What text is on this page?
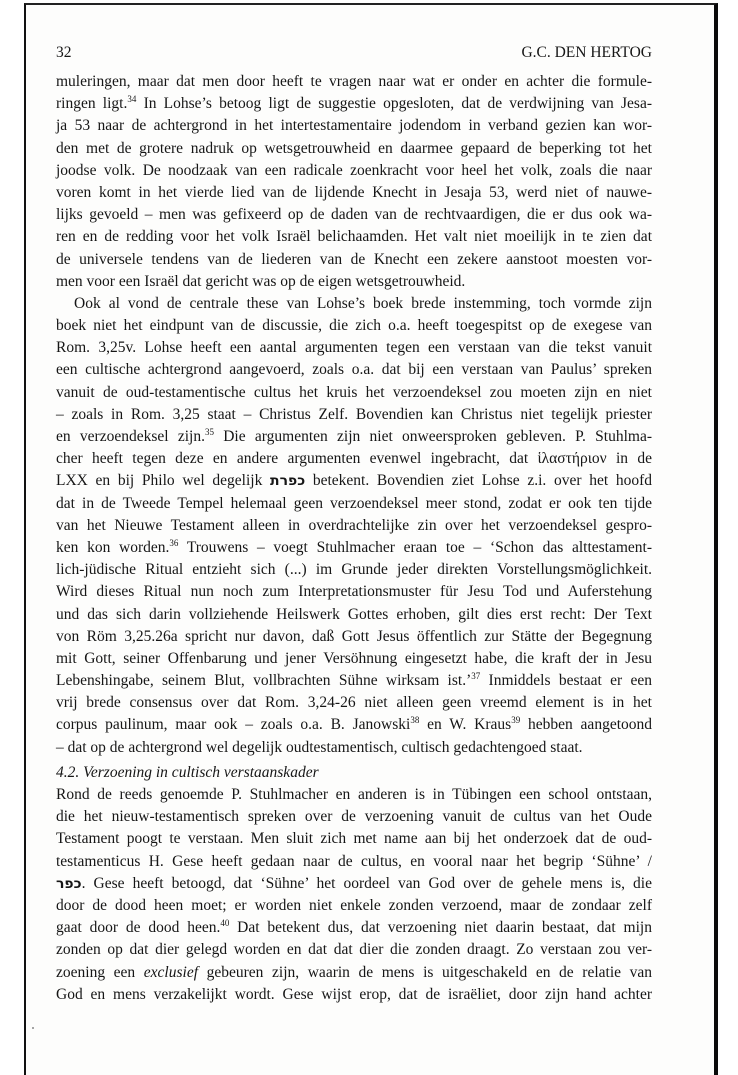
32	G.C. DEN HERTOG
muleringen, maar dat men door heeft te vragen naar wat er onder en achter die formule-
ringen ligt.$^{34}$ In Lohse’s betoog ligt de suggestie opgesloten, dat de verdwijning van Jesa-
ja 53 naar de achtergrond in het intertestamentaire jodendom in verband gezien kan wor-
den met de grotere nadruk op wetsgetrouwheid en daarmee gepaard de beperking tot het
joodse volk. De noodzaak van een radicale zoenkracht voor heel het volk, zoals die naar
voren komt in het vierde lied van de lijdende Knecht in Jesaja 53, werd niet of nauwe-
lijks gevoeld – men was gefixeerd op de daden van de rechtvaardigen, die er dus ook wa-
ren en de redding voor het volk Israël belichaamden. Het valt niet moeilijk in te zien dat
de universele tendens van de liederen van de Knecht een zekere aanstoot moesten vor-
men voor een Israël dat gericht was op de eigen wetsgetrouwheid.
Ook al vond de centrale these van Lohse’s boek brede instemming, toch vormde zijn
boek niet het eindpunt van de discussie, die zich o.a. heeft toegespitst op de exegese van
Rom. 3,25v. Lohse heeft een aantal argumenten tegen een verstaan van die tekst vanuit
een cultische achtergrond aangevoerd, zoals o.a. dat bij een verstaan van Paulus’ spreken
vanuit de oud-testamentische cultus het kruis het verzoendeksel zou moeten zijn en niet
– zoals in Rom. 3,25 staat – Christus Zelf. Bovendien kan Christus niet tegelijk priester
en verzoendeksel zijn.$^{35}$ Die argumenten zijn niet onweersproken gebleven. P. Stuhlma-
cher heeft tegen deze en andere argumenten evenwel ingebracht, dat ἱλαστήριον in de
LXX en bij Philo wel degelijk כפרת betekent. Bovendien ziet Lohse z.i. over het hoofd
dat in de Tweede Tempel helemaal geen verzoendeksel meer stond, zodat er ook ten tijde
van het Nieuwe Testament alleen in overdrachtelijke zin over het verzoendeksel gespro-
ken kon worden.$^{36}$ Trouwens – voegt Stuhlmacher eraan toe – ‘Schon das alttestament-
lich-jüdische Ritual entzieht sich (...) im Grunde jeder direkten Vorstellungsmöglichkeit.
Wird dieses Ritual nun noch zum Interpretationsmuster für Jesu Tod und Auferstehung
und das sich darin vollziehende Heilswerk Gottes erhoben, gilt dies erst recht: Der Text
von Röm 3,25.26a spricht nur davon, daß Gott Jesus öffentlich zur Stätte der Begegnung
mit Gott, seiner Offenbarung und jener Versöhnung eingesetzt habe, die kraft der in Jesu
Lebenshingabe, seinem Blut, vollbrachten Sühne wirksam ist.’$^{37}$ Inmiddels bestaat er een
vrij brede consensus over dat Rom. 3,24-26 niet alleen geen vreemd element is in het
corpus paulinum, maar ook – zoals o.a. B. Janowski$^{38}$ en W. Kraus$^{39}$ hebben aangetoond
– dat op de achtergrond wel degelijk oudtestamentisch, cultisch gedachtengoed staat.
4.2. Verzoening in cultisch verstaanskader
Rond de reeds genoemde P. Stuhlmacher en anderen is in Tübingen een school ontstaan,
die het nieuw-testamentisch spreken over de verzoening vanuit de cultus van het Oude
Testament poogt te verstaan. Men sluit zich met name aan bij het onderzoek dat de oud-
testamenticus H. Gese heeft gedaan naar de cultus, en vooral naar het begrip ‘Sühne’ /
כפר. Gese heeft betoogd, dat ‘Sühne’ het oordeel van God over de gehele mens is, die
door de dood heen moet; er worden niet enkele zonden verzoend, maar de zondaar zelf
gaat door de dood heen.$^{40}$ Dat betekent dus, dat verzoening niet daarin bestaat, dat mijn
zonden op dat dier gelegd worden en dat dat dier die zonden draagt. Zo verstaan zou ver-
zoening een exclusief gebeuren zijn, waarin de mens is uitgeschakeld en de relatie van
God en mens verzakelijkt wordt. Gese wijst erop, dat de israëliet, door zijn hand achter
